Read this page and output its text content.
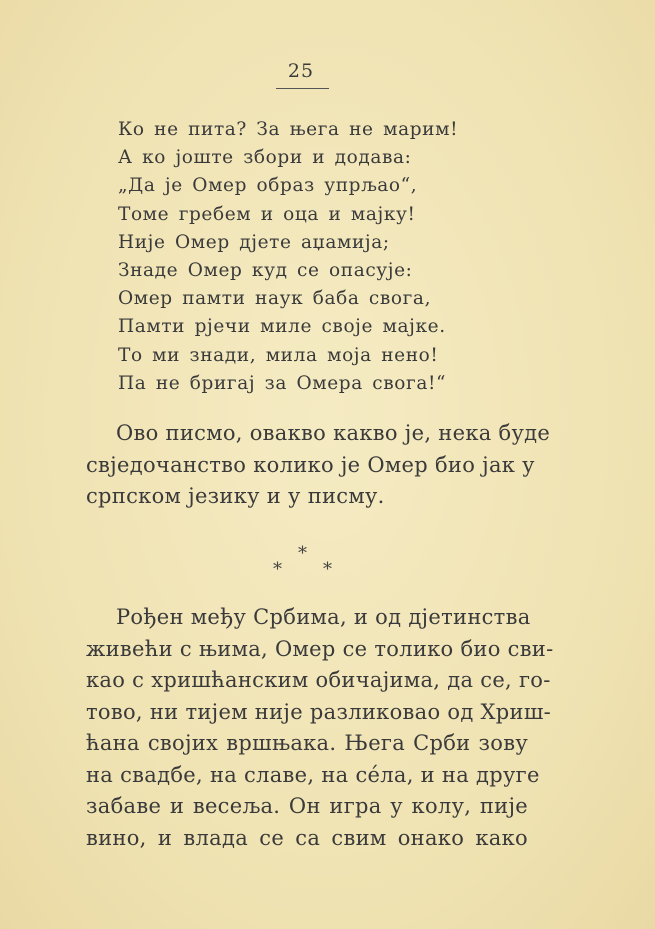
25
Ко не пита? За њега не марим!
А ко јоште збори и додава:
„Да је Омер образ упрљао“,
Томе гребем и оца и мајку!
Није Омер дјете аџамија;
Знаде Омер куд се опасује:
Омер памти наук баба свога,
Памти рјечи миле своје мајке.
То ми знади, мила моја нено!
Па не бригај за Омера свога!“
Ово писмо, овакво какво је, нека буде
свједочанство колико је Омер био јак у
српском језику и у писму.
*
* *
Рођен међу Србима, и од дјетинства
живећи с њима, Омер се толико био сви-
као с хришћанским обичајима, да се, го-
тово, ни тијем није разликовао од Хриш-
ћана својих вршњака. Њега Срби зову
на свадбе, на славе, на сéла, и на друге
забаве и весеља. Он игра у колу, пије
вино, и влада се са свим онако како
